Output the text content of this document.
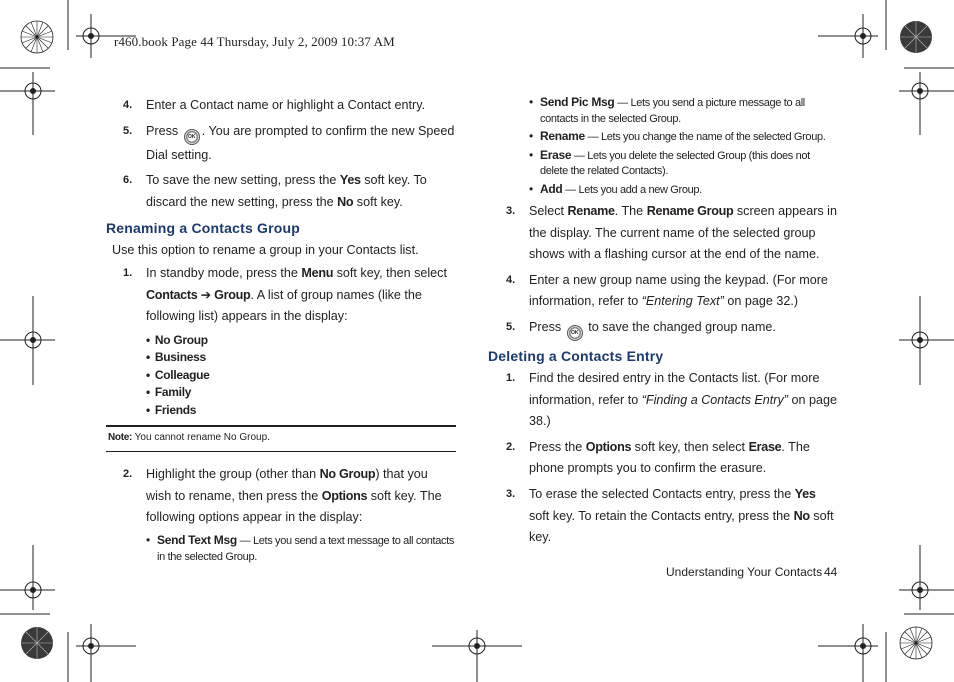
r460.book Page 44 Thursday, July 2, 2009 10:37 AM
4. Enter a Contact name or highlight a Contact entry.
5. Press OK . You are prompted to confirm the new Speed Dial setting.
6. To save the new setting, press the Yes soft key. To discard the new setting, press the No soft key.
Renaming a Contacts Group
Use this option to rename a group in your Contacts list.
1. In standby mode, press the Menu soft key, then select Contacts ➔ Group. A list of group names (like the following list) appears in the display:
• No Group
• Business
• Colleague
• Family
• Friends
Note: You cannot rename No Group.
2. Highlight the group (other than No Group) that you wish to rename, then press the Options soft key. The following options appear in the display:
• Send Text Msg — Lets you send a text message to all contacts in the selected Group.
• Send Pic Msg — Lets you send a picture message to all contacts in the selected Group.
• Rename — Lets you change the name of the selected Group.
• Erase — Lets you delete the selected Group (this does not delete the related Contacts).
• Add — Lets you add a new Group.
3. Select Rename. The Rename Group screen appears in the display. The current name of the selected group shows with a flashing cursor at the end of the name.
4. Enter a new group name using the keypad. (For more information, refer to “Entering Text” on page 32.)
5. Press OK to save the changed group name.
Deleting a Contacts Entry
1. Find the desired entry in the Contacts list. (For more information, refer to “Finding a Contacts Entry” on page 38.)
2. Press the Options soft key, then select Erase. The phone prompts you to confirm the erasure.
3. To erase the selected Contacts entry, press the Yes soft key. To retain the Contacts entry, press the No soft key.
Understanding Your Contacts 44
